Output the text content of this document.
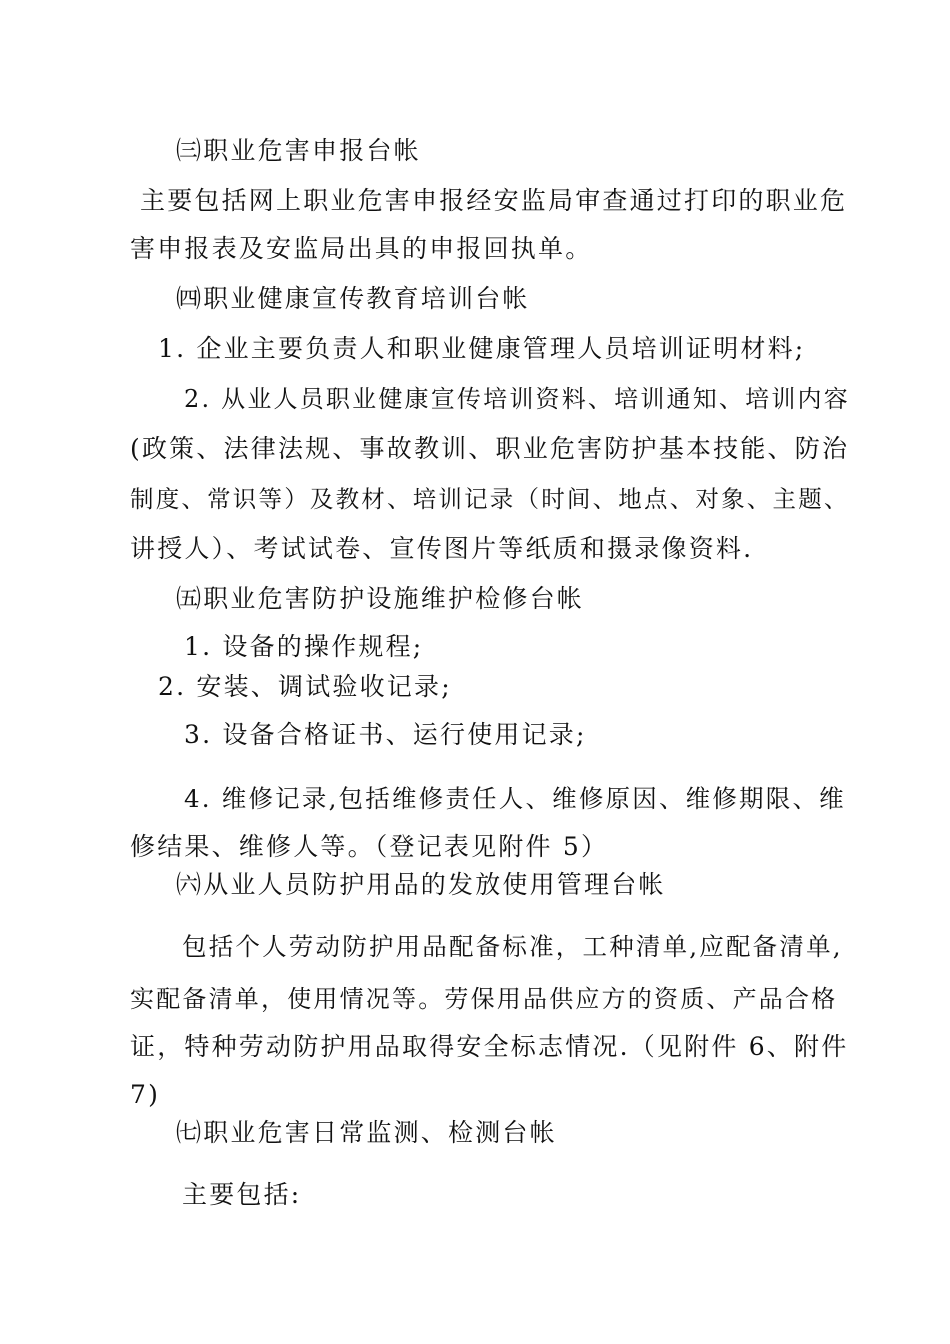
㈢职业危害申报台帐
主要包括网上职业危害申报经安监局审查通过打印的职业危
害申报表及安监局出具的申报回执单。
㈣职业健康宣传教育培训台帐
1. 企业主要负责人和职业健康管理人员培训证明材料;
2. 从业人员职业健康宣传培训资料、培训通知、培训内容
(政策、法律法规、事故教训、职业危害防护基本技能、防治
制度、常识等）及教材、培训记录（时间、地点、对象、主题、
讲授人）、考试试卷、宣传图片等纸质和摄录像资料.
㈤职业危害防护设施维护检修台帐
1. 设备的操作规程;
2. 安装、调试验收记录;
3. 设备合格证书、运行使用记录;
4. 维修记录,包括维修责任人、维修原因、维修期限、维
修结果、维修人等。（登记表见附件 5）
㈥从业人员防护用品的发放使用管理台帐
包括个人劳动防护用品配备标准，工种清单,应配备清单,
实配备清单，使用情况等。劳保用品供应方的资质、产品合格
证，特种劳动防护用品取得安全标志情况.（见附件 6、附件
7)
㈦职业危害日常监测、检测台帐
主要包括:
